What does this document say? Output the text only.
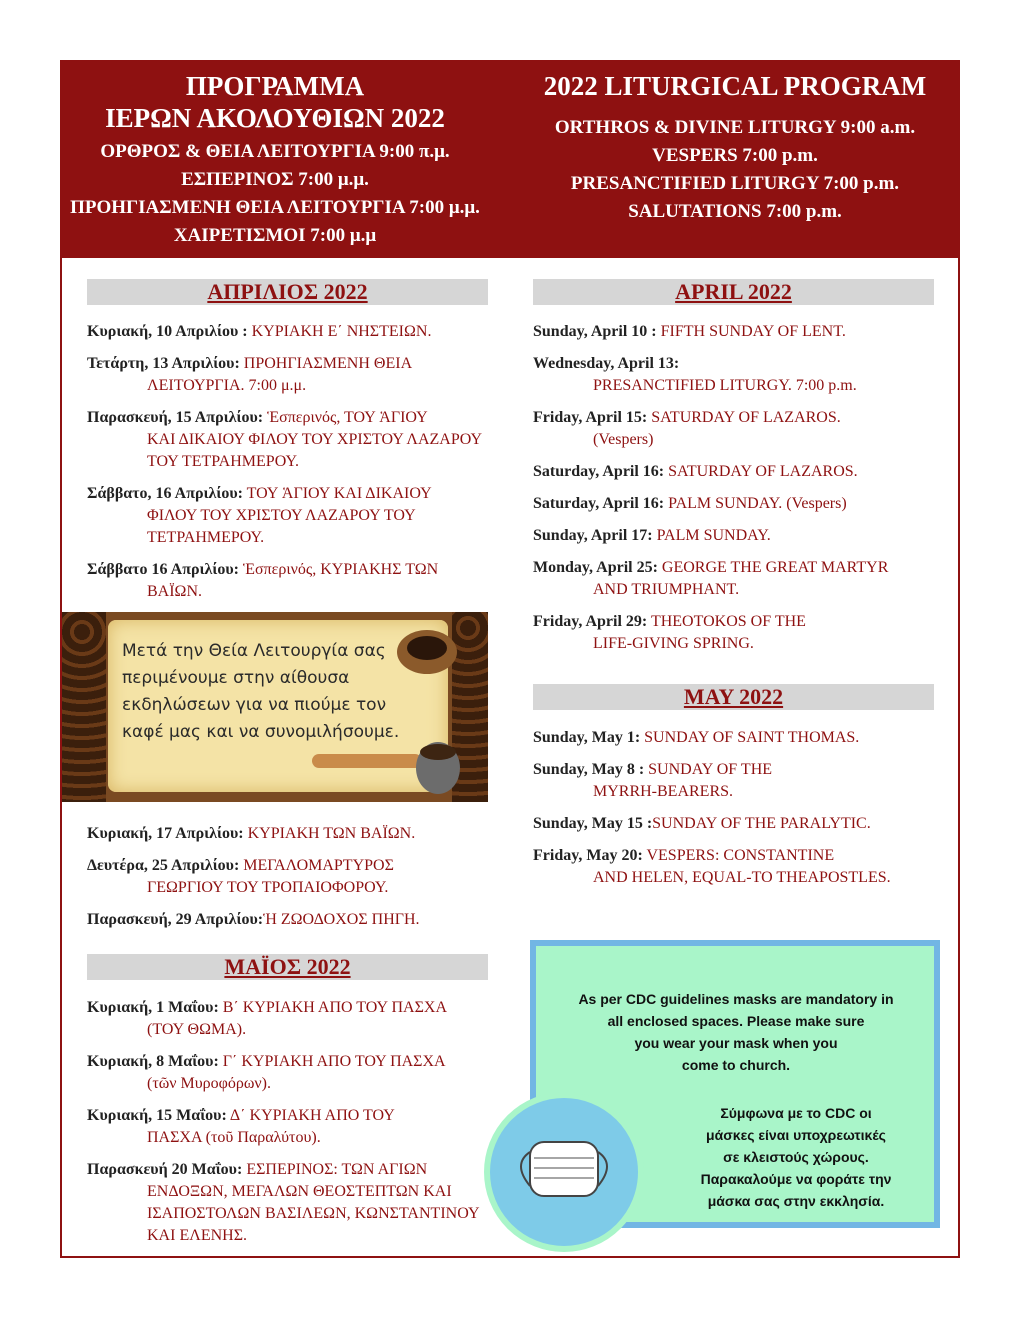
ΠΡΟΓΡΑΜΜΑ
ΙΕΡΩΝ ΑΚΟΛΟΥΘΙΩΝ 2022
ΟΡΘΡΟΣ & ΘΕΙΑ ΛΕΙΤΟΥΡΓΙΑ 9:00 π.μ.
ΕΣΠΕΡΙΝΟΣ 7:00 μ.μ.
ΠΡΟΗΓΙΑΣΜΕΝΗ ΘΕΙΑ ΛΕΙΤΟΥΡΓΙΑ 7:00 μ.μ.
ΧΑΙΡΕΤΙΣΜΟΙ 7:00 μ.μ
2022 LITURGICAL PROGRAM
ORTHROS & DIVINE LITURGY 9:00 a.m.
VESPERS 7:00 p.m.
PRESANCTIFIED LITURGY 7:00 p.m.
SALUTATIONS 7:00 p.m.
ΑΠΡΙΛΙΟΣ 2022
Κυριακή, 10 Απριλίου : ΚΥΡΙΑΚΗ Ε΄ ΝΗΣΤΕΙΩΝ.
Τετάρτη, 13 Απριλίου: ΠΡΟΗΓΙΑΣΜΕΝΗ ΘΕΙΑ
ΛΕΙΤΟΥΡΓΙΑ. 7:00 μ.μ.
Παρασκευή, 15 Απριλίου: Ἑσπερινός, ΤΟΥ ἉΓΙΟΥ
ΚΑΙ ΔΙΚΑΙΟΥ ΦΙΛΟΥ ΤΟΥ ΧΡΙΣΤΟΥ ΛΑΖΑΡΟΥ ΤΟΥ ΤΕΤΡΑΗΜΕΡΟΥ.
Σάββατο, 16 Απριλίου: ΤΟΥ ἉΓΙΟΥ ΚΑΙ ΔΙΚΑΙΟΥ
ΦΙΛΟΥ ΤΟΥ ΧΡΙΣΤΟΥ ΛΑΖΑΡΟΥ ΤΟΥ ΤΕΤΡΑΗΜΕΡΟΥ.
Σάββατο 16 Απριλίου: Ἑσπερινός, ΚΥΡΙΑΚΗΣ ΤΩΝ
ΒΑΪΩΝ.
Μετά την Θεία Λειτουργία σας περιμένουμε στην αίθουσα εκδηλώσεων για να πιούμε τον καφέ μας και να συνομιλήσουμε.
Κυριακή, 17 Απριλίου: ΚΥΡΙΑΚΗ ΤΩΝ ΒΑΪΩΝ.
Δευτέρα, 25 Απριλίου: ΜΕΓΑΛΟΜΑΡΤΥΡΟΣ
ΓΕΩΡΓΙΟΥ ΤΟΥ ΤΡΟΠΑΙΟΦΟΡΟΥ.
Παρασκευή, 29 Απριλίου:Ἡ ΖΩΟΔΟΧΟΣ ΠΗΓΗ.
ΜΑΪΟΣ 2022
Κυριακή, 1 Μαΐου: Β΄ ΚΥΡΙΑΚΗ ΑΠΟ ΤΟΥ ΠΑΣΧΑ
(ΤΟΥ ΘΩΜΑ).
Κυριακή, 8 Μαΐου: Γ΄ ΚΥΡΙΑΚΗ ΑΠΟ ΤΟΥ ΠΑΣΧΑ
(τῶν Μυροφόρων).
Κυριακή, 15 Μαΐου: Δ΄ ΚΥΡΙΑΚΗ ΑΠΟ ΤΟΥ
ΠΑΣΧΑ (τοῦ Παραλύτου).
Παρασκευή 20 Μαΐου: ΕΣΠΕΡΙΝΟΣ: ΤΩΝ ΑΓΙΩΝ
ΕΝΔΟΞΩΝ, ΜΕΓΑΛΩΝ ΘΕΟΣΤΕΠΤΩΝ ΚΑΙ ΙΣΑΠΟΣΤΟΛΩΝ ΒΑΣΙΛΕΩΝ, ΚΩΝΣΤΑΝΤΙΝΟΥ ΚΑΙ ΕΛΕΝΗΣ.
APRIL 2022
Sunday, April 10 : FIFTH SUNDAY OF LENT.
Wednesday, April 13:
PRESANCTIFIED LITURGY. 7:00 p.m.
Friday, April 15: SATURDAY OF LAZAROS.
(Vespers)
Saturday, April 16: SATURDAY OF LAZAROS.
Saturday, April 16: PALM SUNDAY. (Vespers)
Sunday, April 17: PALM SUNDAY.
Monday, April 25: GEORGE THE GREAT MARTYR
AND TRIUMPHANT.
Friday, April 29: THEOTOKOS OF THE
LIFE-GIVING SPRING.
MAY 2022
Sunday, May 1: SUNDAY OF SAINT THOMAS.
Sunday, May 8 : SUNDAY OF THE
MYRRH-BEARERS.
Sunday, May 15 :SUNDAY OF THE PARALYTIC.
Friday, May 20: VESPERS: CONSTANTINE
AND HELEN, EQUAL-TO THEAPOSTLES.
As per CDC guidelines masks are mandatory in
all enclosed spaces. Please make sure
you wear your mask when you
come to church.
Σύμφωνα με το CDC οι
μάσκες είναι υποχρεωτικές
σε κλειστούς χώρους.
Παρακαλούμε να φοράτε την
μάσκα σας στην εκκλησία.
